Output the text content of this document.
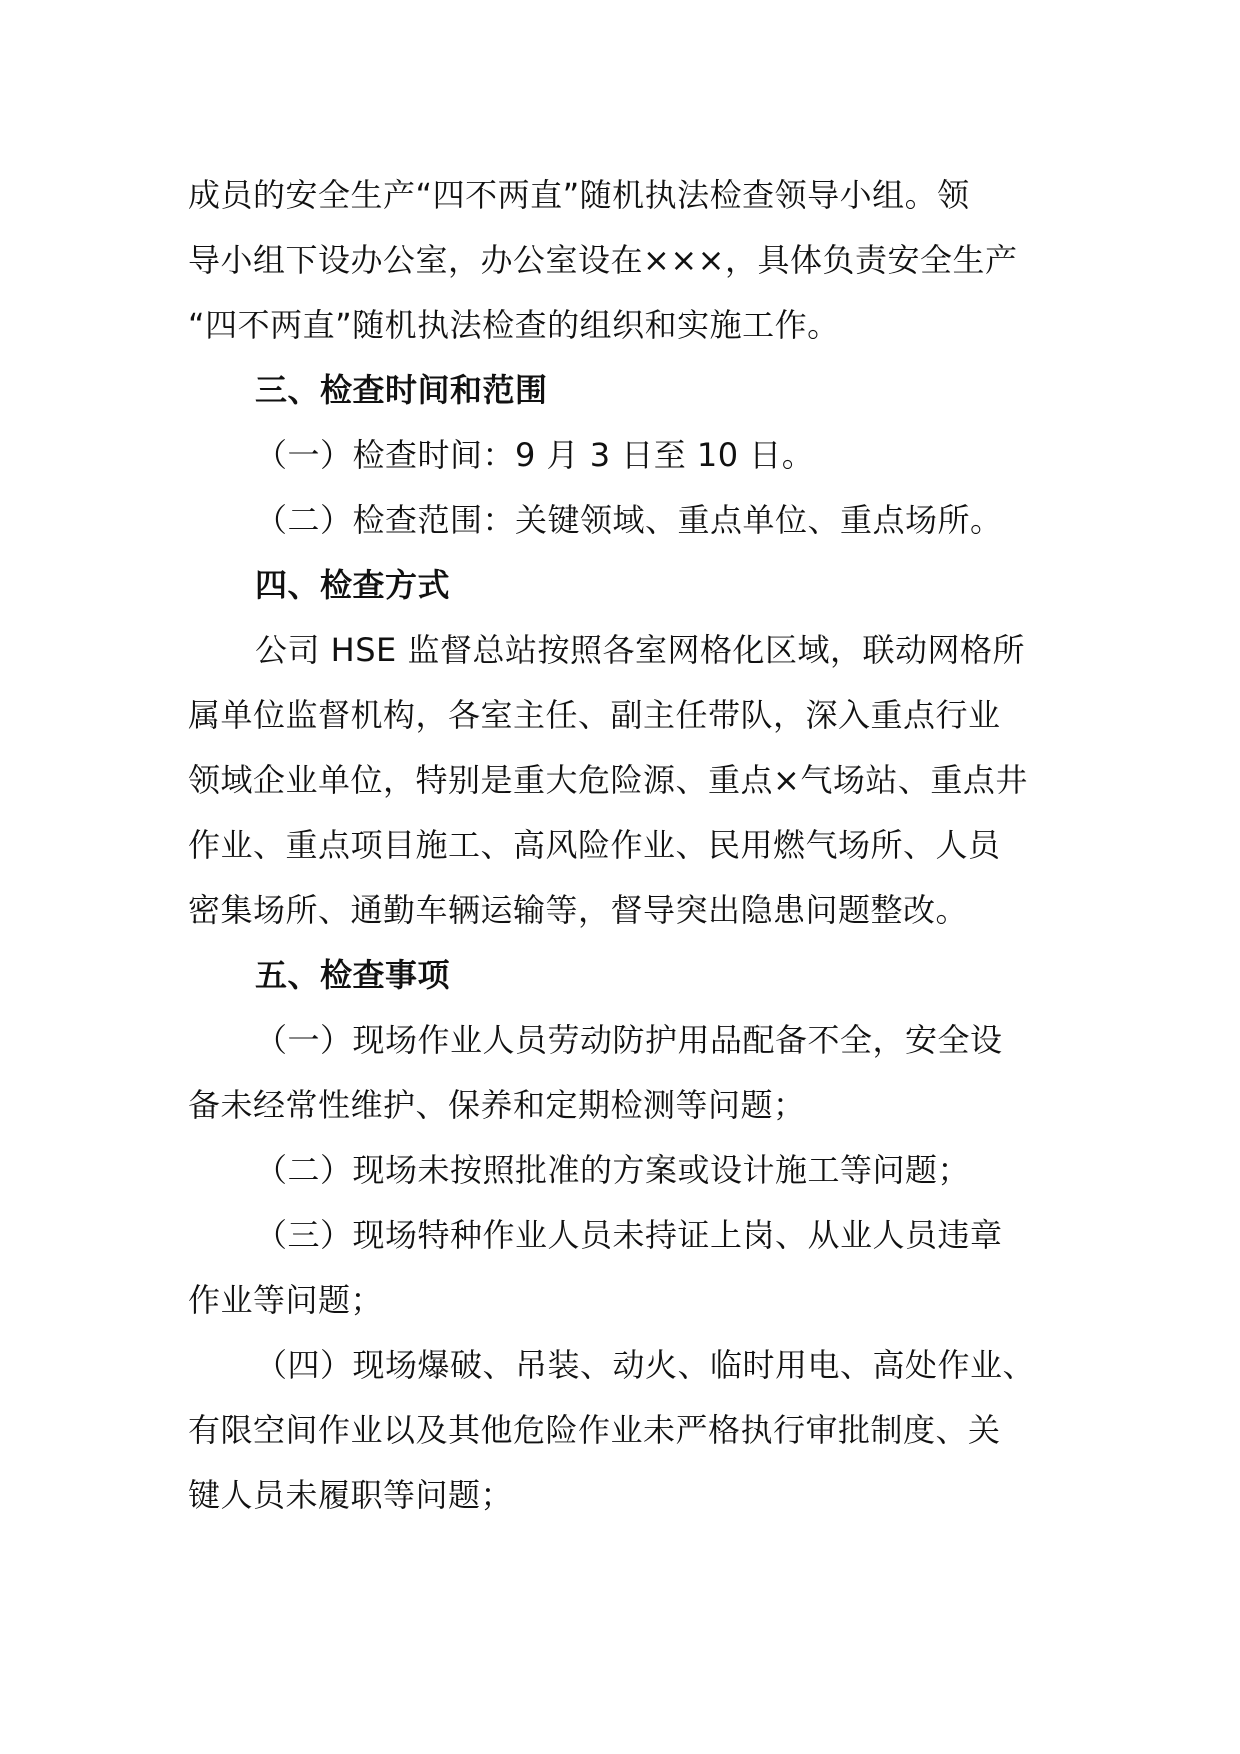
成员的安全生产“四不两直”随机执法检查领导小组。领
导小组下设办公室，办公室设在×××，具体负责安全生产
“四不两直”随机执法检查的组织和实施工作。
三、检查时间和范围
（一）检查时间：9 月 3 日至 10 日。
（二）检查范围：关键领域、重点单位、重点场所。
四、检查方式
公司 HSE 监督总站按照各室网格化区域，联动网格所
属单位监督机构，各室主任、副主任带队，深入重点行业
领域企业单位，特别是重大危险源、重点×气场站、重点井
作业、重点项目施工、高风险作业、民用燃气场所、人员
密集场所、通勤车辆运输等，督导突出隐患问题整改。
五、检查事项
（一）现场作业人员劳动防护用品配备不全，安全设
备未经常性维护、保养和定期检测等问题；
（二）现场未按照批准的方案或设计施工等问题；
（三）现场特种作业人员未持证上岗、从业人员违章
作业等问题；
（四）现场爆破、吊装、动火、临时用电、高处作业、
有限空间作业以及其他危险作业未严格执行审批制度、关
键人员未履职等问题；
